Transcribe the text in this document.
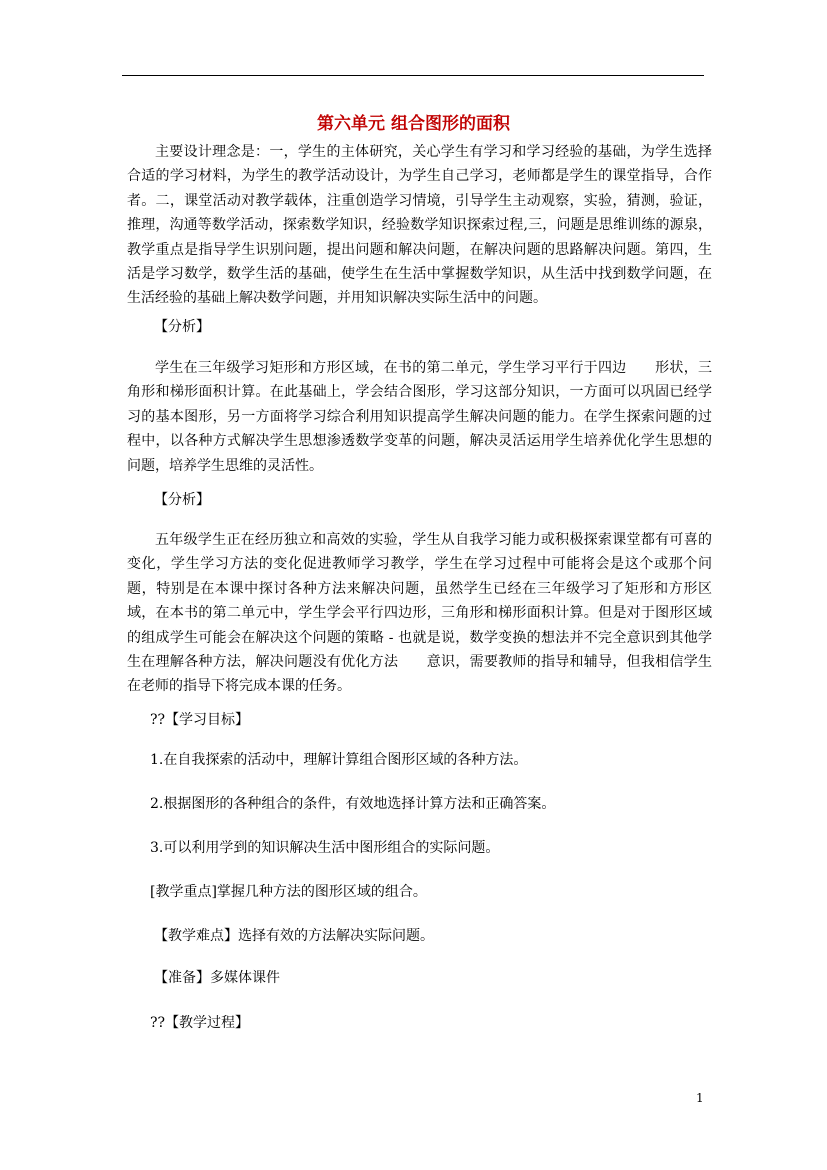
第六单元 组合图形的面积

主要设计理念是：一，学生的主体研究，关心学生有学习和学习经验的基础，为学生选择合适的学习材料，为学生的教学活动设计，为学生自己学习，老师都是学生的课堂指导，合作者。二，课堂活动对教学载体，注重创造学习情境，引导学生主动观察，实验，猜测，验证，推理，沟通等数学活动，探索数学知识，经验数学知识探索过程,三，问题是思维训练的源泉，教学重点是指导学生识别问题，提出问题和解决问题，在解决问题的思路解决问题。第四，生活是学习数学，数学生活的基础，使学生在生活中掌握数学知识，从生活中找到数学问题，在生活经验的基础上解决数学问题，并用知识解决实际生活中的问题。

【分析】

学生在三年级学习矩形和方形区域，在书的第二单元，学生学习平行于四边　　形状，三角形和梯形面积计算。在此基础上，学会结合图形，学习这部分知识，一方面可以巩固已经学习的基本图形，另一方面将学习综合利用知识提高学生解决问题的能力。在学生探索问题的过程中，以各种方式解决学生思想渗透数学变革的问题，解决灵活运用学生培养优化学生思想的问题，培养学生思维的灵活性。

【分析】

五年级学生正在经历独立和高效的实验，学生从自我学习能力或积极探索课堂都有可喜的变化，学生学习方法的变化促进教师学习教学，学生在学习过程中可能将会是这个或那个问题，特别是在本课中探讨各种方法来解决问题，虽然学生已经在三年级学习了矩形和方形区域，在本书的第二单元中，学生学会平行四边形，三角形和梯形面积计算。但是对于图形区域的组成学生可能会在解决这个问题的策略 - 也就是说，数学变换的想法并不完全意识到其他学生在理解各种方法，解决问题没有优化方法　　意识，需要教师的指导和辅导，但我相信学生在老师的指导下将完成本课的任务。

??【学习目标】

1.在自我探索的活动中，理解计算组合图形区域的各种方法。

2.根据图形的各种组合的条件，有效地选择计算方法和正确答案。

3.可以利用学到的知识解决生活中图形组合的实际问题。

[教学重点]掌握几种方法的图形区域的组合。

【教学难点】选择有效的方法解决实际问题。

【准备】多媒体课件

??【教学过程】

1
